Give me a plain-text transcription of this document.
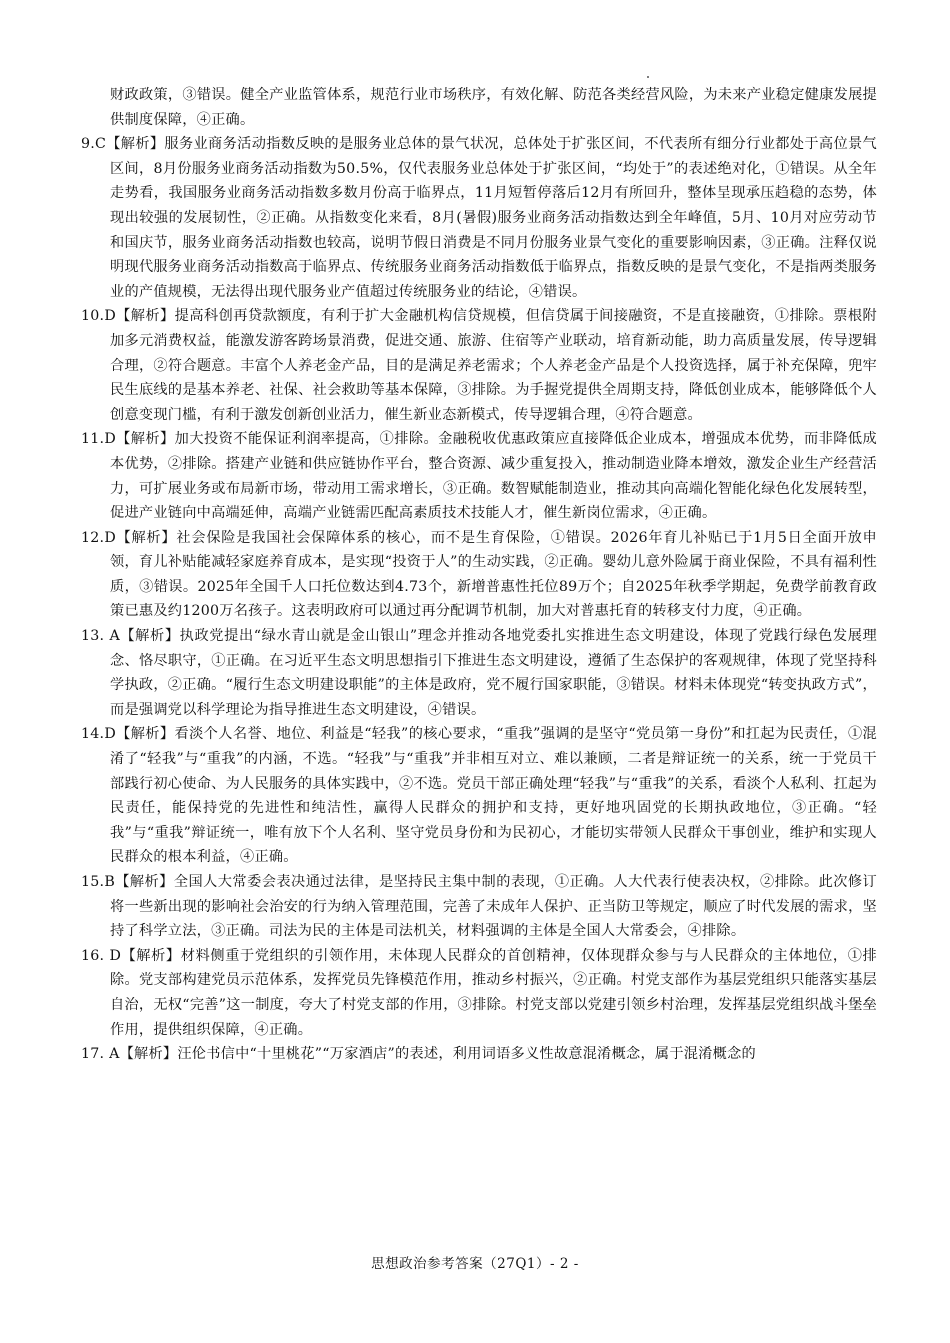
财政政策，③错误。健全产业监管体系，规范行业市场秩序，有效化解、防范各类经营风险，为未来产业稳定健康发展提供制度保障，④正确。

9.C【解析】服务业商务活动指数反映的是服务业总体的景气状况，总体处于扩张区间，不代表所有细分行业都处于高位景气区间，8月份服务业商务活动指数为50.5%，仅代表服务业总体处于扩张区间，“均处于”的表述绝对化，①错误。从全年走势看，我国服务业商务活动指数多数月份高于临界点，11月短暂停落后12月有所回升，整体呈现承压趋稳的态势，体现出较强的发展韧性，②正确。从指数变化来看，8月(暑假)服务业商务活动指数达到全年峰值，5月、10月对应劳动节和国庆节，服务业商务活动指数也较高，说明节假日消费是不同月份服务业景气变化的重要影响因素，③正确。注释仅说明现代服务业商务活动指数高于临界点、传统服务业商务活动指数低于临界点，指数反映的是景气变化，不是指两类服务业的产值规模，无法得出现代服务业产值超过传统服务业的结论，④错误。

10.D【解析】提高科创再贷款额度，有利于扩大金融机构信贷规模，但信贷属于间接融资，不是直接融资，①排除。票根附加多元消费权益，能激发游客跨场景消费，促进交通、旅游、住宿等产业联动，培育新动能，助力高质量发展，传导逻辑合理，②符合题意。丰富个人养老金产品，目的是满足养老需求；个人养老金产品是个人投资选择，属于补充保障，兜牢民生底线的是基本养老、社保、社会救助等基本保障，③排除。为手握党提供全周期支持，降低创业成本，能够降低个人创意变现门槛，有利于激发创新创业活力，催生新业态新模式，传导逻辑合理，④符合题意。

11.D【解析】加大投资不能保证利润率提高，①排除。金融税收优惠政策应直接降低企业成本，增强成本优势，而非降低成本优势，②排除。搭建产业链和供应链协作平台，整合资源、减少重复投入，推动制造业降本增效，激发企业生产经营活力，可扩展业务或布局新市场，带动用工需求增长，③正确。数智赋能制造业，推动其向高端化智能化绿色化发展转型，促进产业链向中高端延伸，高端产业链需匹配高素质技术技能人才，催生新岗位需求，④正确。

12.D【解析】社会保险是我国社会保障体系的核心，而不是生育保险，①错误。2026年育儿补贴已于1月5日全面开放申领，育儿补贴能减轻家庭养育成本，是实现“投资于人”的生动实践，②正确。婴幼儿意外险属于商业保险，不具有福利性质，③错误。2025年全国千人口托位数达到4.73个，新增普惠性托位89万个；自2025年秋季学期起，免费学前教育政策已惠及约1200万名孩子。这表明政府可以通过再分配调节机制，加大对普惠托育的转移支付力度，④正确。

13. A【解析】执政党提出“绿水青山就是金山银山”理念并推动各地党委扎实推进生态文明建设，体现了党践行绿色发展理念、恪尽职守，①正确。在习近平生态文明思想指引下推进生态文明建设，遵循了生态保护的客观规律，体现了党坚持科学执政，②正确。“履行生态文明建设职能”的主体是政府，党不履行国家职能，③错误。材料未体现党“转变执政方式”，而是强调党以科学理论为指导推进生态文明建设，④错误。

14.D【解析】看淡个人名誉、地位、利益是“轻我”的核心要求，“重我”强调的是坚守“党员第一身份”和扛起为民责任，①混淆了“轻我”与“重我”的内涵，不选。“轻我”与“重我”并非相互对立、难以兼顾，二者是辩证统一的关系，统一于党员干部践行初心使命、为人民服务的具体实践中，②不选。党员干部正确处理“轻我”与“重我”的关系，看淡个人私利、扛起为民责任，能保持党的先进性和纯洁性，赢得人民群众的拥护和支持，更好地巩固党的长期执政地位，③正确。“轻我”与“重我”辩证统一，唯有放下个人名利、坚守党员身份和为民初心，才能切实带领人民群众干事创业，维护和实现人民群众的根本利益，④正确。

15.B【解析】全国人大常委会表决通过法律，是坚持民主集中制的表现，①正确。人大代表行使表决权，②排除。此次修订将一些新出现的影响社会治安的行为纳入管理范围，完善了未成年人保护、正当防卫等规定，顺应了时代发展的需求，坚持了科学立法，③正确。司法为民的主体是司法机关，材料强调的主体是全国人大常委会，④排除。

16. D【解析】材料侧重于党组织的引领作用，未体现人民群众的首创精神，仅体现群众参与与人民群众的主体地位，①排除。党支部构建党员示范体系，发挥党员先锋模范作用，推动乡村振兴，②正确。村党支部作为基层党组织只能落实基层自治，无权“完善”这一制度，夸大了村党支部的作用，③排除。村党支部以党建引领乡村治理，发挥基层党组织战斗堡垒作用，提供组织保障，④正确。

17. A【解析】汪伦书信中“十里桃花”“万家酒店”的表述，利用词语多义性故意混淆概念，属于混淆概念的

思想政治参考答案（27Q1）- 2 -
